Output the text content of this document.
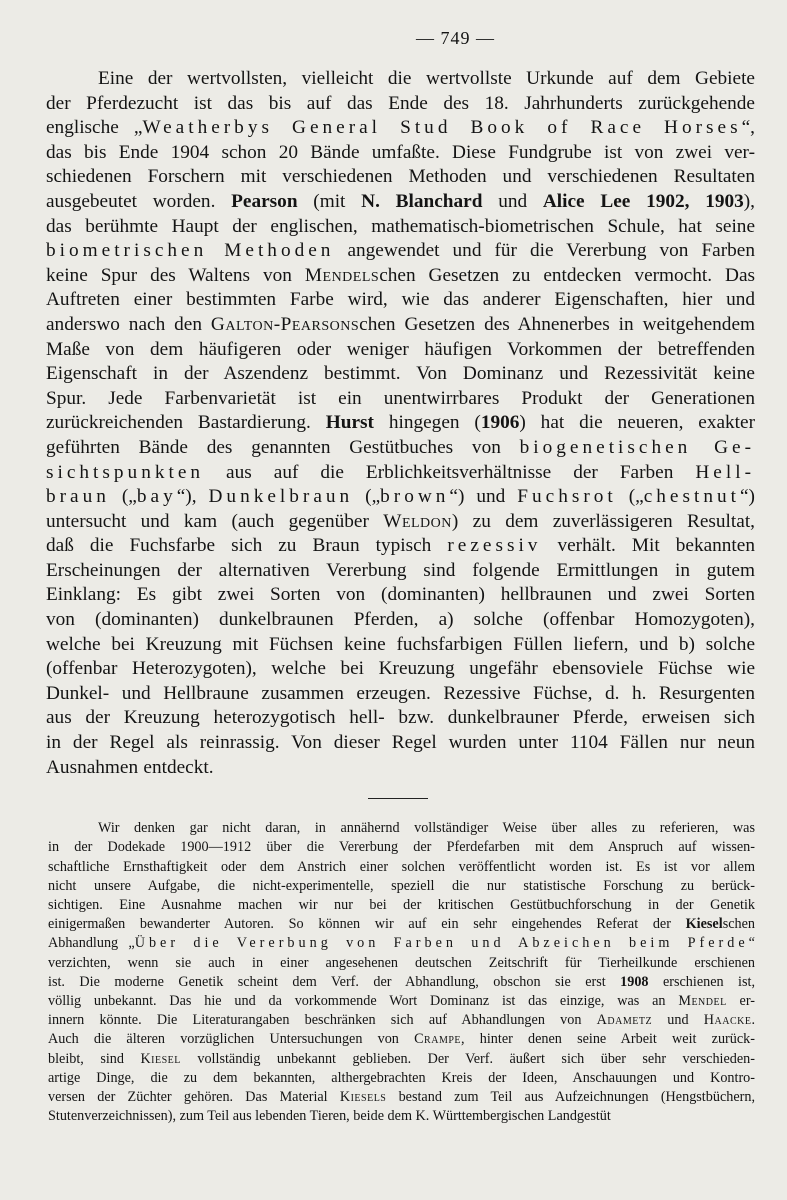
— 749 —
Eine der wertvollsten, vielleicht die wertvollste Urkunde auf dem Gebiete
der Pferdezucht ist das bis auf das Ende des 18. Jahrhunderts zurückgehende
englische „Weatherbys General Stud Book of Race Horses“,
das bis Ende 1904 schon 20 Bände umfaßte. Diese Fundgrube ist von zwei ver-
schiedenen Forschern mit verschiedenen Methoden und verschiedenen Resultaten
ausgebeutet worden. Pearson (mit N. Blanchard und Alice Lee 1902, 1903),
das berühmte Haupt der englischen, mathematisch-biometrischen Schule, hat seine
biometrischen Methoden angewendet und für die Vererbung von Farben
keine Spur des Waltens von Mendelschen Gesetzen zu entdecken vermocht. Das
Auftreten einer bestimmten Farbe wird, wie das anderer Eigenschaften, hier und
anderswo nach den Galton-Pearsonschen Gesetzen des Ahnenerbes in weitgehendem
Maße von dem häufigeren oder weniger häufigen Vorkommen der betreffenden
Eigenschaft in der Aszendenz bestimmt. Von Dominanz und Rezessivität keine
Spur. Jede Farbenvarietät ist ein unentwirrbares Produkt der Generationen
zurückreichenden Bastardierung. Hurst hingegen (1906) hat die neueren, exakter
geführten Bände des genannten Gestütbuches von biogenetischen Ge-
sichtspunkten aus auf die Erblichkeitsverhältnisse der Farben Hell-
braun („bay“), Dunkelbraun („brown“) und Fuchsrot („chestnut“)
untersucht und kam (auch gegenüber Weldon) zu dem zuverlässigeren Resultat,
daß die Fuchsfarbe sich zu Braun typisch rezessiv verhält. Mit bekannten
Erscheinungen der alternativen Vererbung sind folgende Ermittlungen in gutem
Einklang: Es gibt zwei Sorten von (dominanten) hellbraunen und zwei Sorten
von (dominanten) dunkelbraunen Pferden, a) solche (offenbar Homozygoten),
welche bei Kreuzung mit Füchsen keine fuchsfarbigen Füllen liefern, und b) solche
(offenbar Heterozygoten), welche bei Kreuzung ungefähr ebensoviele Füchse wie
Dunkel- und Hellbraune zusammen erzeugen. Rezessive Füchse, d. h. Resurgenten
aus der Kreuzung heterozygotisch hell- bzw. dunkelbrauner Pferde, erweisen sich
in der Regel als reinrassig. Von dieser Regel wurden unter 1104 Fällen nur neun
Ausnahmen entdeckt.
Wir denken gar nicht daran, in annähernd vollständiger Weise über alles zu referieren, was
in der Dodekade 1900—1912 über die Vererbung der Pferdefarben mit dem Anspruch auf wissen-
schaftliche Ernsthaftigkeit oder dem Anstrich einer solchen veröffentlicht worden ist. Es ist vor allem
nicht unsere Aufgabe, die nicht-experimentelle, speziell die nur statistische Forschung zu berück-
sichtigen. Eine Ausnahme machen wir nur bei der kritischen Gestütbuchforschung in der Genetik
einigermaßen bewanderter Autoren. So können wir auf ein sehr eingehendes Referat der Kieselschen
Abhandlung „Über die Vererbung von Farben und Abzeichen beim Pferde“
verzichten, wenn sie auch in einer angesehenen deutschen Zeitschrift für Tierheilkunde erschienen
ist. Die moderne Genetik scheint dem Verf. der Abhandlung, obschon sie erst 1908 erschienen ist,
völlig unbekannt. Das hie und da vorkommende Wort Dominanz ist das einzige, was an Mendel er-
innern könnte. Die Literaturangaben beschränken sich auf Abhandlungen von Adametz und Haacke.
Auch die älteren vorzüglichen Untersuchungen von Crampe, hinter denen seine Arbeit weit zurück-
bleibt, sind Kiesel vollständig unbekannt geblieben. Der Verf. äußert sich über sehr verschieden-
artige Dinge, die zu dem bekannten, althergebrachten Kreis der Ideen, Anschauungen und Kontro-
versen der Züchter gehören. Das Material Kiesels bestand zum Teil aus Aufzeichnungen (Hengstbüchern,
Stutenverzeichnissen), zum Teil aus lebenden Tieren, beide dem K. Württembergischen Landgestüt
